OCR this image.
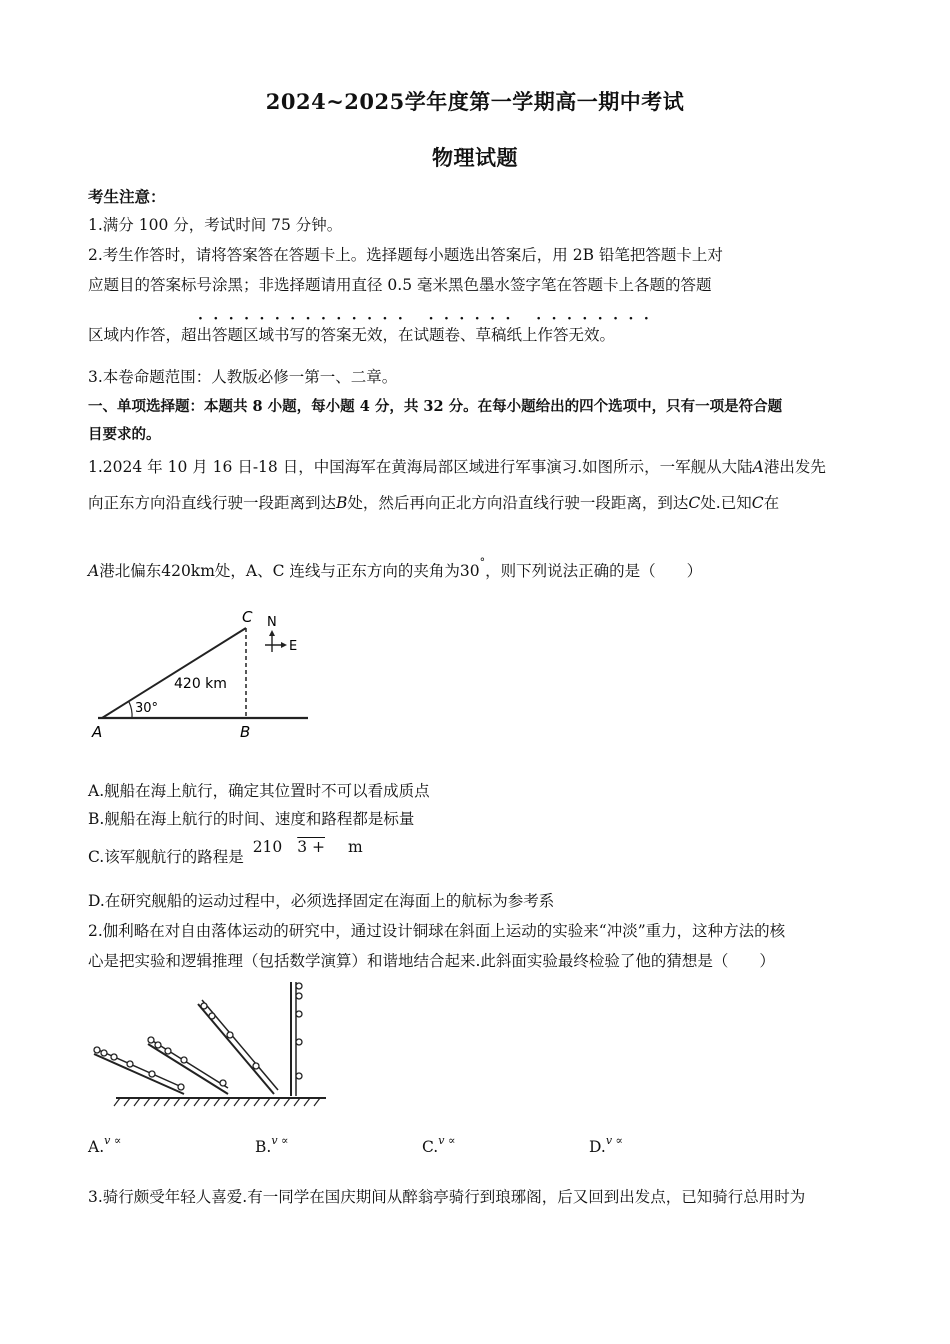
2024~2025学年度第一学期高一期中考试
物理试题
考生注意：
1.满分 100 分，考试时间 75 分钟。
2.考生作答时，请将答案答在答题卡上。选择题每小题选出答案后，用 2B 铅笔把答题卡上对
应题目的答案标号涂黑；非选择题请用直径 0.5 毫米黑色墨水签字笔在答题卡上各题的答题
·············· ······ ········
区域内作答，超出答题区域书写的答案无效，在试题卷、草稿纸上作答无效。
3.本卷命题范围：人教版必修一第一、二章。
一、单项选择题：本题共 8 小题，每小题 4 分，共 32 分。在每小题给出的四个选项中，只有一项是符合题
目要求的。
1.2024 年 10 月 16 日-18 日，中国海军在黄海局部区域进行军事演习.如图所示，一军舰从大陆A港出发先
向正东方向沿直线行驶一段距离到达B处，然后再向正北方向沿直线行驶一段距离，到达C处.已知C在
A港北偏东420km处，A、C 连线与正东方向的夹角为30°，则下列说法正确的是（　　）
30°
420 km
A	B
C N
E
A.舰船在海上航行，确定其位置时不可以看成质点
B.舰船在海上航行的时间、速度和路程都是标量
C.该军舰航行的路程是 210 3 + m
D.在研究舰船的运动过程中，必须选择固定在海面上的航标为参考系
2.伽利略在对自由落体运动的研究中，通过设计铜球在斜面上运动的实验来“冲淡”重力，这种方法的核
心是把实验和逻辑推理（包括数学演算）和谐地结合起来.此斜面实验最终检验了他的猜想是（　　）
A.$^{v \propto}$	B.$^{v \propto}$	C.$^{v \propto}$	D.$^{v \propto}$
3.骑行颇受年轻人喜爱.有一同学在国庆期间从醉翁亭骑行到琅琊阁，后又回到出发点，已知骑行总用时为
